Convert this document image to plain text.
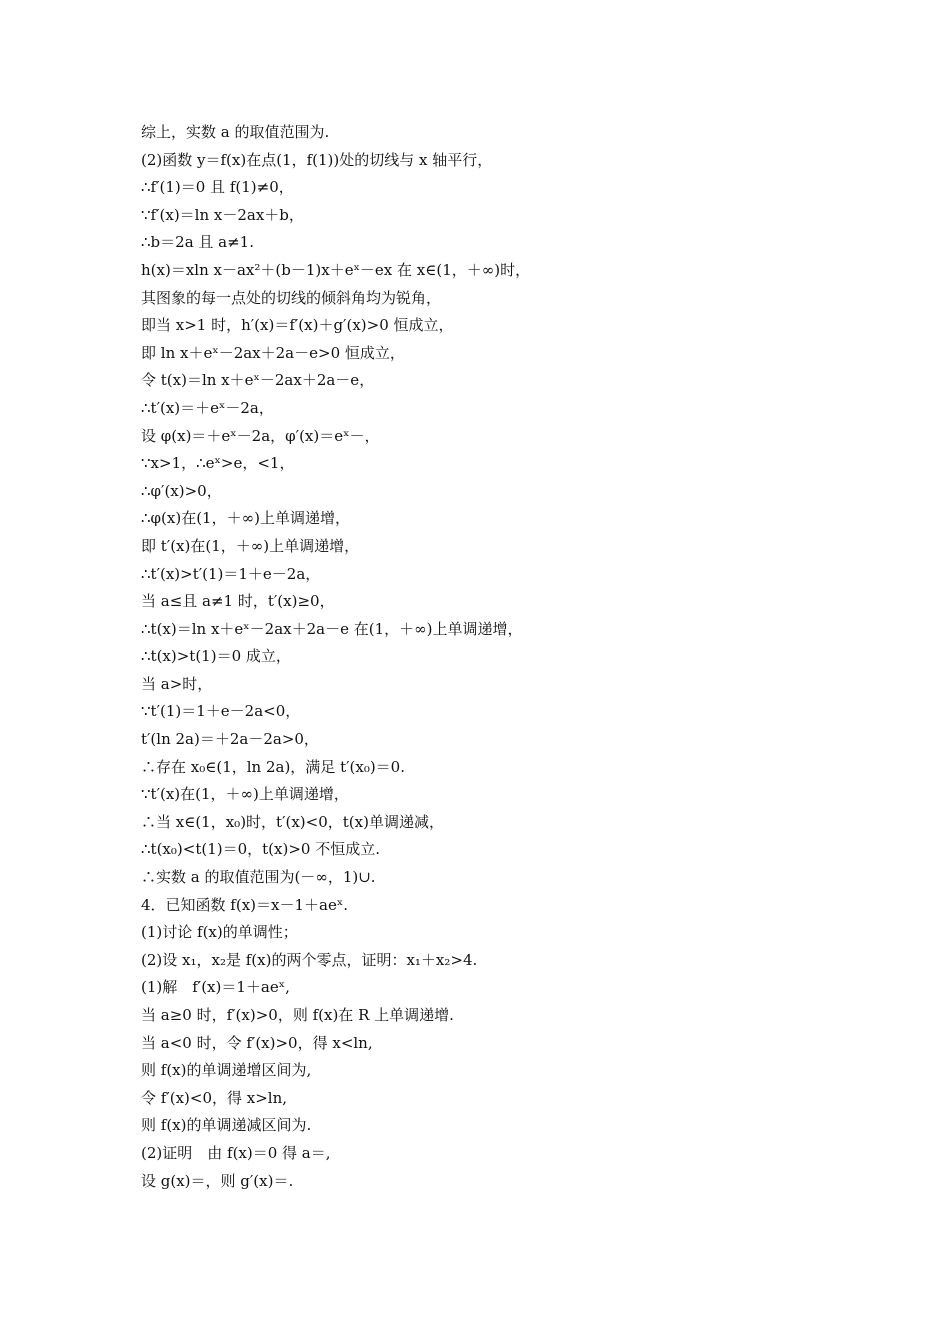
综上，实数 a 的取值范围为.
(2)函数 y＝f(x)在点(1，f(1))处的切线与 x 轴平行，
∴f′(1)＝0 且 f(1)≠0，
∵f′(x)＝ln x－2ax＋b，
∴b＝2a 且 a≠1.
h(x)＝xln x－ax²＋(b－1)x＋eˣ－ex 在 x∈(1，＋∞)时，
其图象的每一点处的切线的倾斜角均为锐角，
即当 x>1 时，h′(x)＝f′(x)＋g′(x)>0 恒成立，
即 ln x＋eˣ－2ax＋2a－e>0 恒成立，
令 t(x)＝ln x＋eˣ－2ax＋2a－e，
∴t′(x)＝＋eˣ－2a，
设 φ(x)＝＋eˣ－2a，φ′(x)＝eˣ－，
∵x>1，∴eˣ>e，<1，
∴φ′(x)>0，
∴φ(x)在(1，＋∞)上单调递增，
即 t′(x)在(1，＋∞)上单调递增，
∴t′(x)>t′(1)＝1＋e－2a，
当 a≤且 a≠1 时，t′(x)≥0，
∴t(x)＝ln x＋eˣ－2ax＋2a－e 在(1，＋∞)上单调递增，
∴t(x)>t(1)＝0 成立，
当 a>时，
∵t′(1)＝1＋e－2a<0，
t′(ln 2a)＝＋2a－2a>0，
∴存在 x₀∈(1，ln 2a)，满足 t′(x₀)＝0.
∵t′(x)在(1，＋∞)上单调递增，
∴当 x∈(1，x₀)时，t′(x)<0，t(x)单调递减，
∴t(x₀)<t(1)＝0，t(x)>0 不恒成立.
∴实数 a 的取值范围为(－∞，1)∪.
4．已知函数 f(x)＝x－1＋aeˣ.
(1)讨论 f(x)的单调性；
(2)设 x₁，x₂是 f(x)的两个零点，证明：x₁＋x₂>4.
(1)解　f′(x)＝1＋aeˣ,
当 a≥0 时，f′(x)>0，则 f(x)在 R 上单调递增.
当 a<0 时，令 f′(x)>0，得 x<ln,
则 f(x)的单调递增区间为,
令 f′(x)<0，得 x>ln,
则 f(x)的单调递减区间为.
(2)证明　由 f(x)＝0 得 a＝,
设 g(x)＝，则 g′(x)＝.
